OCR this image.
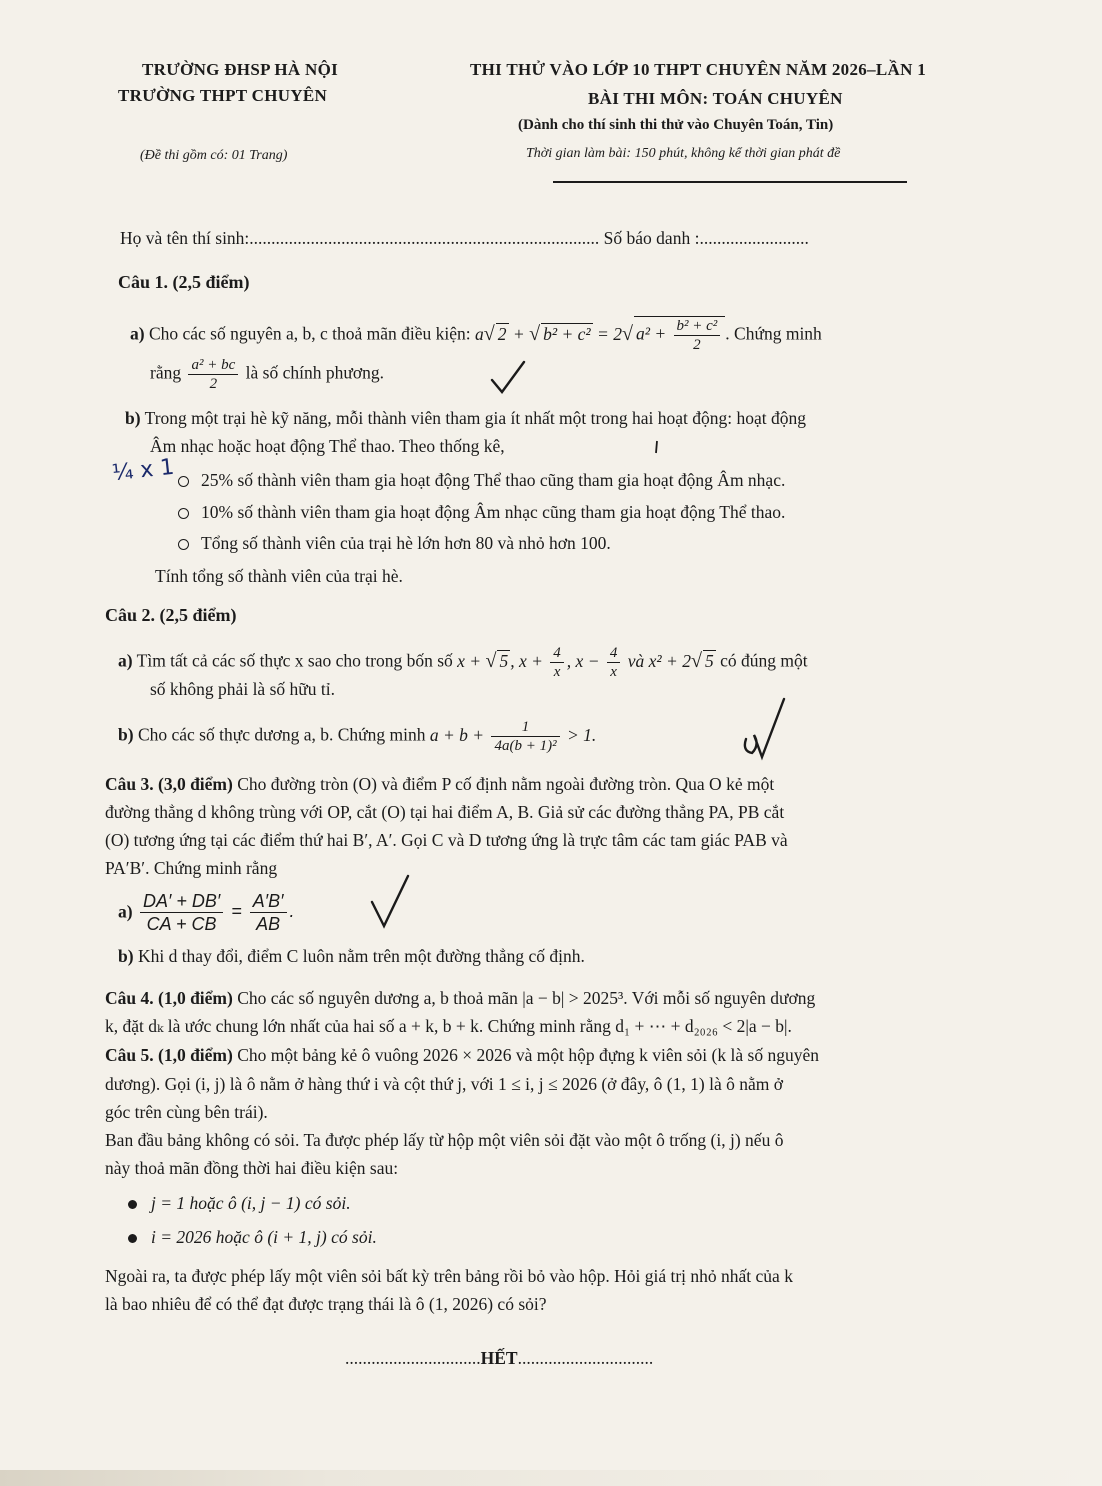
TRƯỜNG ĐHSP HÀ NỘI
TRƯỜNG THPT CHUYÊN
(Đề thi gồm có: 01 Trang)
THI THỬ VÀO LỚP 10 THPT CHUYÊN NĂM 2026–LẦN 1
BÀI THI MÔN: TOÁN CHUYÊN
(Dành cho thí sinh thi thử vào Chuyên Toán, Tin)
Thời gian làm bài: 150 phút, không kể thời gian phát đề
Họ và tên thí sinh:................................................................................ Số báo danh :.........................
Câu 1. (2,5 điểm)
a) Cho các số nguyên a, b, c thoả mãn điều kiện: a√ 2 + √ b² + c² = 2√ $a^2 + \frac{\text{b² + c²}}{2}$ . Chứng minh
rằng $\frac{\text{a² + bc}}{2}$ là số chính phương.
b) Trong một trại hè kỹ năng, mỗi thành viên tham gia ít nhất một trong hai hoạt động: hoạt động
Âm nhạc hoặc hoạt động Thể thao. Theo thống kê,
25% số thành viên tham gia hoạt động Thể thao cũng tham gia hoạt động Âm nhạc.
10% số thành viên tham gia hoạt động Âm nhạc cũng tham gia hoạt động Thể thao.
Tổng số thành viên của trại hè lớn hơn 80 và nhỏ hơn 100.
Tính tổng số thành viên của trại hè.
Câu 2. (2,5 điểm)
a) Tìm tất cả các số thực x sao cho trong bốn số x + √ 5 , $x + \frac{4}{x}$ , $x - \frac{4}{x}$ và x² + 2√ 5 có đúng một
số không phải là số hữu tỉ.
b) Cho các số thực dương a, b. Chứng minh $a + b + \frac{1}{\text{4a(b + 1)²}} > 1$.
Câu 3. (3,0 điểm) Cho đường tròn (O) và điểm P cố định nằm ngoài đường tròn. Qua O kẻ một
đường thẳng d không trùng với OP, cắt (O) tại hai điểm A, B. Giả sử các đường thẳng PA, PB cắt
(O) tương ứng tại các điểm thứ hai B′, A′. Gọi C và D tương ứng là trực tâm các tam giác PAB và
PA′B′. Chứng minh rằng
$a) \frac{DA' + DB'}{CA + CB} = \frac{A'B'}{AB}$ .
b) Khi d thay đổi, điểm C luôn nằm trên một đường thẳng cố định.
Câu 4. (1,0 điểm) Cho các số nguyên dương a, b thoả mãn |a − b| > 2025³. Với mỗi số nguyên dương
k, đặt dₖ là ước chung lớn nhất của hai số a + k, b + k. Chứng minh rằng d₁ + ⋯ + d₂₀₂₆ < 2|a − b|.
Câu 5. (1,0 điểm) Cho một bảng kẻ ô vuông 2026 × 2026 và một hộp đựng k viên sỏi (k là số nguyên
dương). Gọi (i, j) là ô nằm ở hàng thứ i và cột thứ j, với 1 ≤ i, j ≤ 2026 (ở đây, ô (1, 1) là ô nằm ở
góc trên cùng bên trái).
Ban đầu bảng không có sỏi. Ta được phép lấy từ hộp một viên sỏi đặt vào một ô trống (i, j) nếu ô
này thoả mãn đồng thời hai điều kiện sau:
j = 1 hoặc ô (i, j − 1) có sỏi.
i = 2026 hoặc ô (i + 1, j) có sỏi.
Ngoài ra, ta được phép lấy một viên sỏi bất kỳ trên bảng rồi bỏ vào hộp. Hỏi giá trị nhỏ nhất của k
là bao nhiêu để có thể đạt được trạng thái là ô (1, 2026) có sỏi?
...............................HẾT...............................
¼ x 1
